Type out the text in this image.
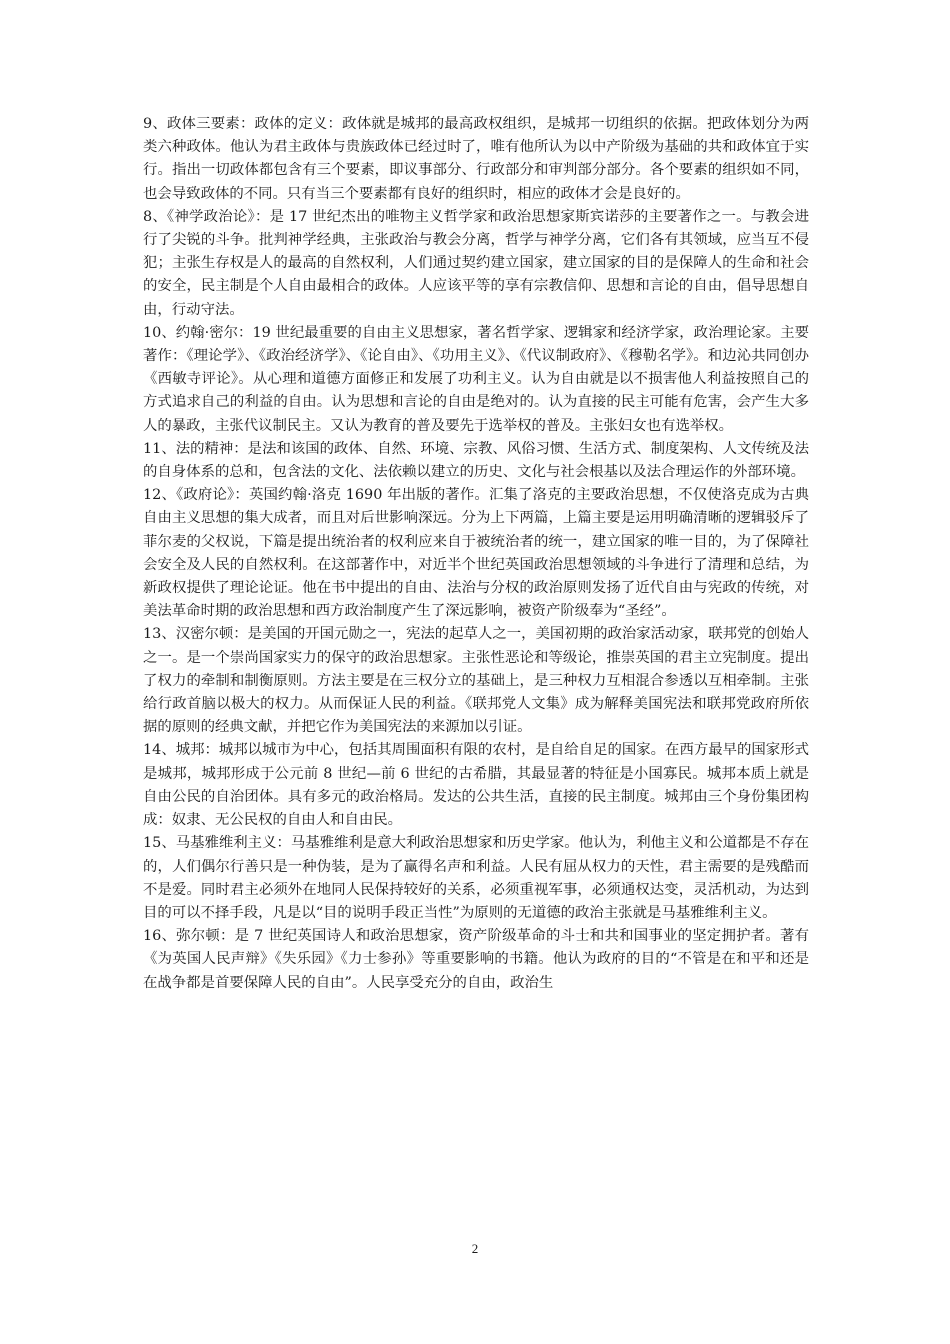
9、政体三要素：政体的定义：政体就是城邦的最高政权组织，是城邦一切组织的依据。把政体划分为两类六种政体。他认为君主政体与贵族政体已经过时了，唯有他所认为以中产阶级为基础的共和政体宜于实行。指出一切政体都包含有三个要素，即议事部分、行政部分和审判部分部分。各个要素的组织如不同，也会导致政体的不同。只有当三个要素都有良好的组织时，相应的政体才会是良好的。

8、《神学政治论》：是 17 世纪杰出的唯物主义哲学家和政治思想家斯宾诺莎的主要著作之一。与教会进行了尖锐的斗争。批判神学经典，主张政治与教会分离，哲学与神学分离，它们各有其领域，应当互不侵犯；主张生存权是人的最高的自然权利，人们通过契约建立国家，建立国家的目的是保障人的生命和社会的安全，民主制是个人自由最相合的政体。人应该平等的享有宗教信仰、思想和言论的自由，倡导思想自由，行动守法。

10、约翰·密尔：19 世纪最重要的自由主义思想家，著名哲学家、逻辑家和经济学家，政治理论家。主要著作：《理论学》、《政治经济学》、《论自由》、《功用主义》、《代议制政府》、《穆勒名学》。和边沁共同创办《西敏寺评论》。从心理和道德方面修正和发展了功利主义。认为自由就是以不损害他人利益按照自己的方式追求自己的利益的自由。认为思想和言论的自由是绝对的。认为直接的民主可能有危害，会产生大多人的暴政，主张代议制民主。又认为教育的普及要先于选举权的普及。主张妇女也有选举权。

11、法的精神：是法和该国的政体、自然、环境、宗教、风俗习惯、生活方式、制度架构、人文传统及法的自身体系的总和，包含法的文化、法依赖以建立的历史、文化与社会根基以及法合理运作的外部环境。

12、《政府论》：英国约翰·洛克 1690 年出版的著作。汇集了洛克的主要政治思想，不仅使洛克成为古典自由主义思想的集大成者，而且对后世影响深远。分为上下两篇，上篇主要是运用明确清晰的逻辑驳斥了菲尔麦的父权说，下篇是提出统治者的权利应来自于被统治者的统一，建立国家的唯一目的，为了保障社会安全及人民的自然权利。在这部著作中，对近半个世纪英国政治思想领域的斗争进行了清理和总结，为新政权提供了理论论证。他在书中提出的自由、法治与分权的政治原则发扬了近代自由与宪政的传统，对美法革命时期的政治思想和西方政治制度产生了深远影响，被资产阶级奉为“圣经”。

13、汉密尔顿：是美国的开国元勋之一，宪法的起草人之一，美国初期的政治家活动家，联邦党的创始人之一。是一个崇尚国家实力的保守的政治思想家。主张性恶论和等级论，推崇英国的君主立宪制度。提出了权力的牵制和制衡原则。方法主要是在三权分立的基础上，是三种权力互相混合参透以互相牵制。主张给行政首脑以极大的权力。从而保证人民的利益。《联邦党人文集》成为解释美国宪法和联邦党政府所依据的原则的经典文献，并把它作为美国宪法的来源加以引证。

14、城邦：城邦以城市为中心，包括其周围面积有限的农村，是自给自足的国家。在西方最早的国家形式是城邦，城邦形成于公元前 8 世纪—前 6 世纪的古希腊，其最显著的特征是小国寡民。城邦本质上就是自由公民的自治团体。具有多元的政治格局。发达的公共生活，直接的民主制度。城邦由三个身份集团构成：奴隶、无公民权的自由人和自由民。

15、马基雅维利主义：马基雅维利是意大利政治思想家和历史学家。他认为，利他主义和公道都是不存在的，人们偶尔行善只是一种伪装，是为了赢得名声和利益。人民有屈从权力的天性，君主需要的是残酷而不是爱。同时君主必须外在地同人民保持较好的关系，必须重视军事，必须通权达变，灵活机动，为达到目的可以不择手段，凡是以“目的说明手段正当性”为原则的无道德的政治主张就是马基雅维利主义。

16、弥尔顿：是 7 世纪英国诗人和政治思想家，资产阶级革命的斗士和共和国事业的坚定拥护者。著有《为英国人民声辩》《失乐园》《力士参孙》等重要影响的书籍。他认为政府的目的“不管是在和平和还是在战争都是首要保障人民的自由”。人民享受充分的自由，政治生

2
